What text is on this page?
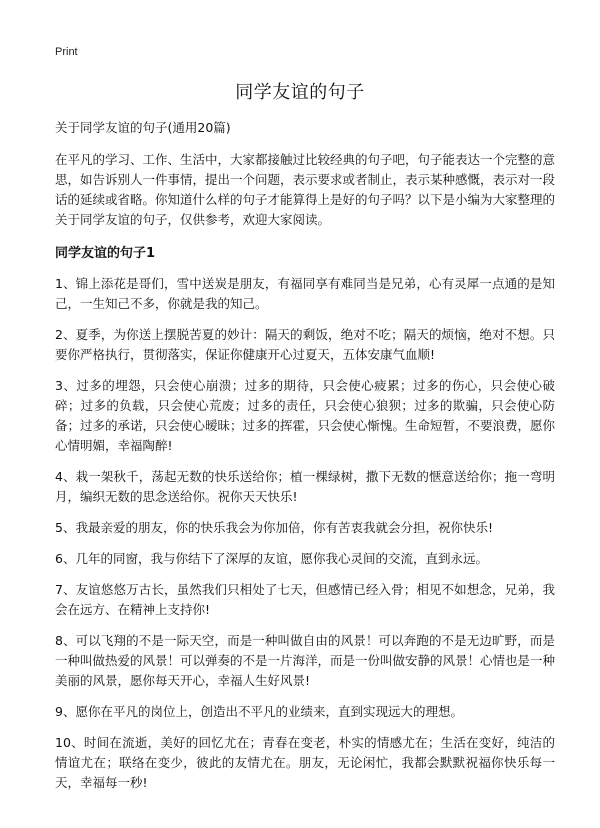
Print
同学友谊的句子

关于同学友谊的句子(通用20篇)

在平凡的学习、工作、生活中，大家都接触过比较经典的句子吧，句子能表达一个完整的意思，如告诉别人一件事情，提出一个问题，表示要求或者制止，表示某种感慨，表示对一段话的延续或省略。你知道什么样的句子才能算得上是好的句子吗？以下是小编为大家整理的关于同学友谊的句子，仅供参考，欢迎大家阅读。

同学友谊的句子1

1、锦上添花是哥们，雪中送炭是朋友，有福同享有难同当是兄弟，心有灵犀一点通的是知己，一生知己不多，你就是我的知己。

2、夏季，为你送上摆脱苦夏的妙计：隔天的剩饭，绝对不吃；隔天的烦恼，绝对不想。只要你严格执行，贯彻落实，保证你健康开心过夏天，五体安康气血顺!

3、过多的埋怨，只会使心崩溃；过多的期待，只会使心疲累；过多的伤心，只会使心破碎；过多的负载，只会使心荒废；过多的责任，只会使心狼狈；过多的欺骗，只会使心防备；过多的承诺，只会使心暧昧；过多的挥霍，只会使心惭愧。生命短暂，不要浪费，愿你心情明媚，幸福陶醉!

4、栽一架秋千，荡起无数的快乐送给你；植一棵绿树，撒下无数的惬意送给你；拖一弯明月，编织无数的思念送给你。祝你天天快乐!

5、我最亲爱的朋友，你的快乐我会为你加倍，你有苦衷我就会分担，祝你快乐!

6、几年的同窗，我与你结下了深厚的友谊，愿你我心灵间的交流，直到永远。

7、友谊悠悠万古长，虽然我们只相处了七天，但感情已经入骨；相见不如想念，兄弟，我会在远方、在精神上支持你!

8、可以飞翔的不是一际天空，而是一种叫做自由的风景！可以奔跑的不是无边旷野，而是一种叫做热爱的风景！可以弹奏的不是一片海洋，而是一份叫做安静的风景！心情也是一种美丽的风景，愿你每天开心，幸福人生好风景!

9、愿你在平凡的岗位上，创造出不平凡的业绩来，直到实现远大的理想。

10、时间在流逝，美好的回忆尤在；青春在变老，朴实的情感尤在；生活在变好，纯洁的情谊尤在；联络在变少，彼此的友情尤在。朋友，无论闲忙，我都会默默祝福你快乐每一天，幸福每一秒!
